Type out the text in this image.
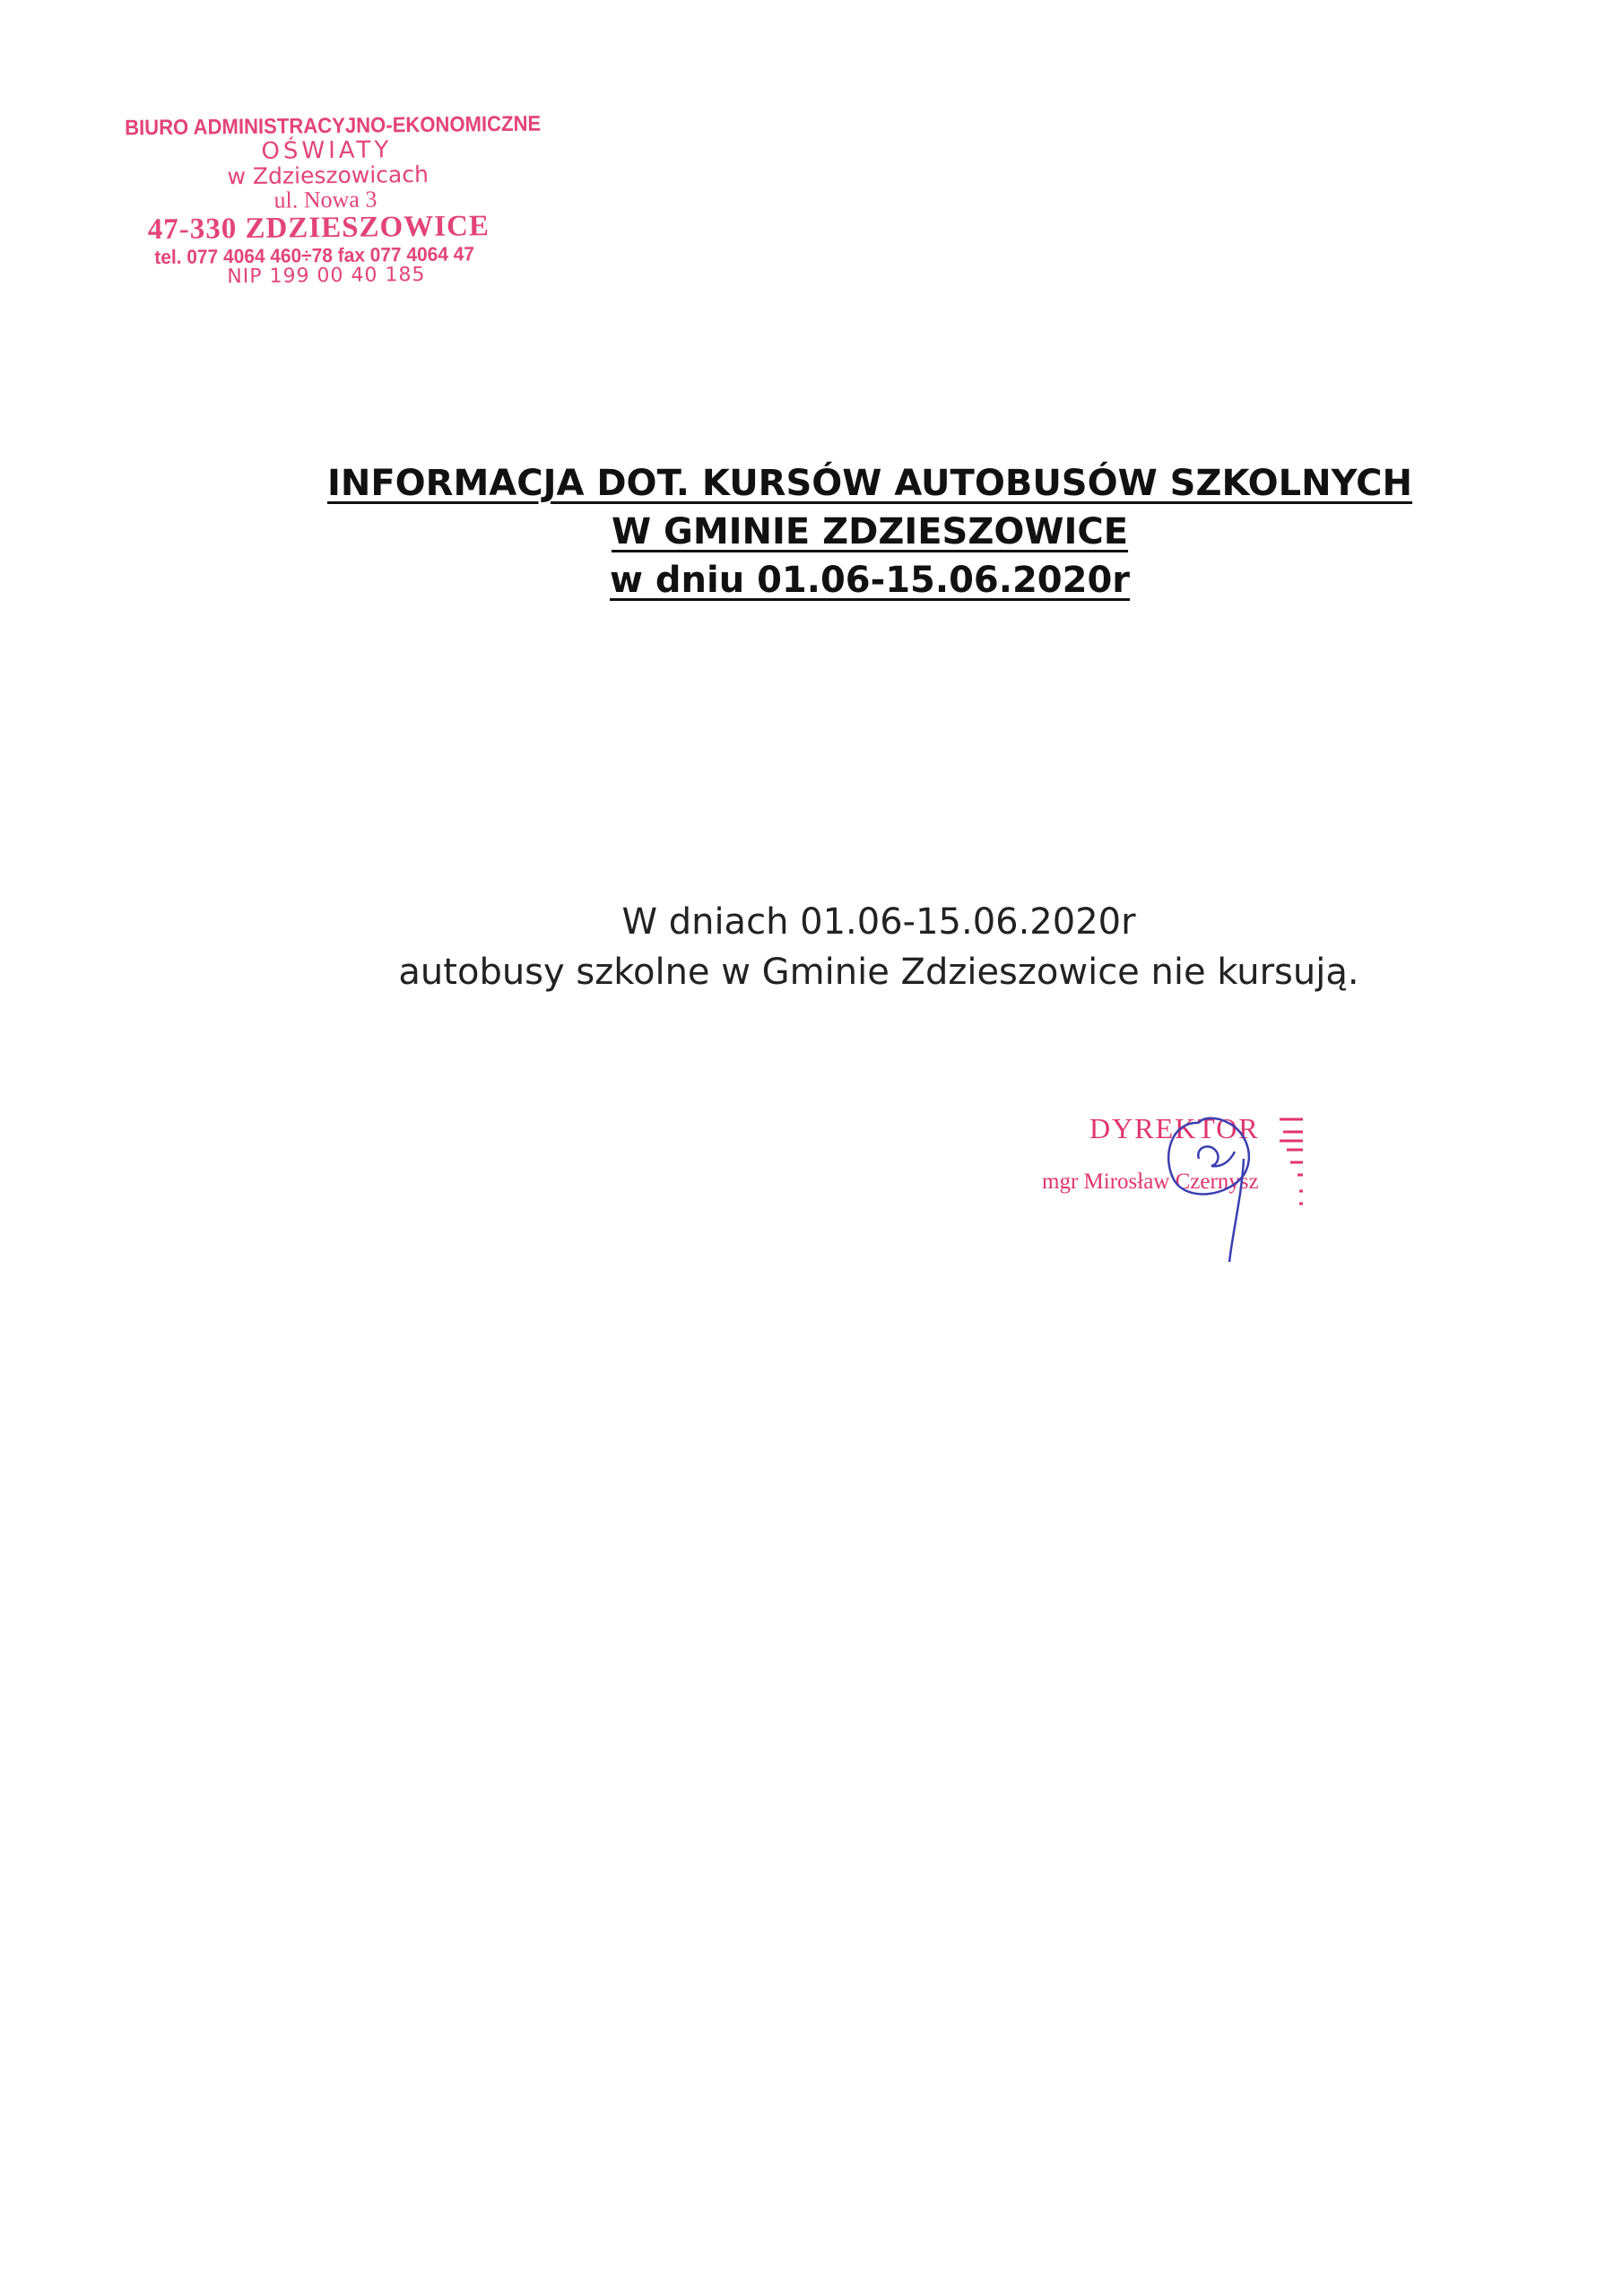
BIURO ADMINISTRACYJNO-EKONOMICZNE
OŚWIATY
w Zdzieszowicach
ul. Nowa 3
47-330 ZDZIESZOWICE
tel. 077 4064 460÷78 fax 077 4064 47
NIP 199 00 40 185
INFORMACJA DOT. KURSÓW AUTOBUSÓW SZKOLNYCH
W GMINIE ZDZIESZOWICE
w dniu 01.06-15.06.2020r
W dniach 01.06-15.06.2020r
autobusy szkolne w Gminie Zdzieszowice nie kursują.
DYREKTOR
mgr Mirosław Czernysz
